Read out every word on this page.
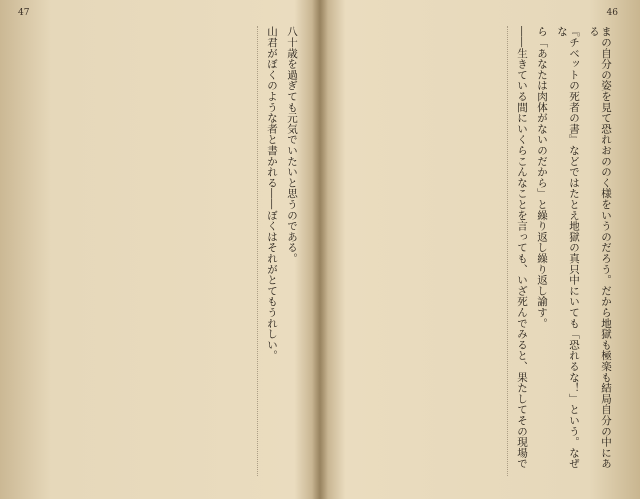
47	46
まの自分の姿を見て恐れおののく様をいうのだろう。だから地獄も極楽も結局自分の中にある
『チベットの死者の書』などではたとえ地獄の真只中にいても「恐れるな！」という。なぜな
ら「あなたは肉体がないのだから」と繰り返し繰り返し諭す。
――生きている間にいくらこんなことを言っても、いざ死んでみると、果たしてその現場で
八十歳を過ぎても元気でいたいと思うのである。
山君がぼくのような者と書かれる――ぼくはそれがとてもうれしい。
